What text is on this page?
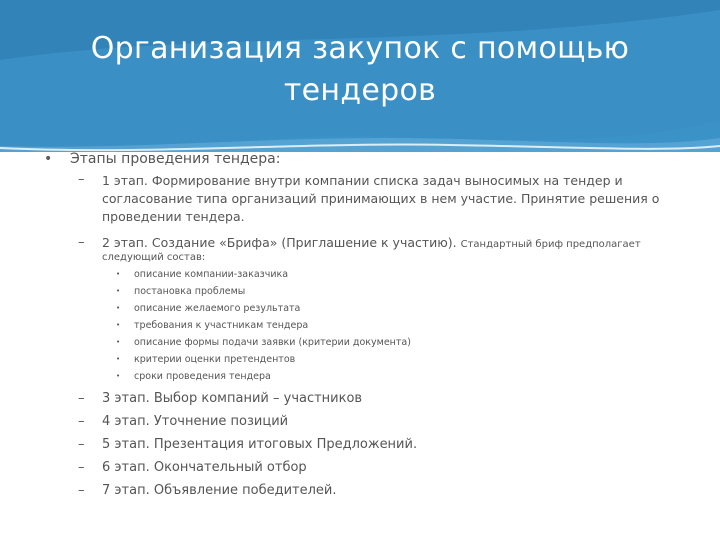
Организация закупок с помощью тендеров
• Этапы проведения тендера:
– 1 этап. Формирование внутри компании списка задач выносимых на тендер и согласование типа организаций принимающих в нем участие. Принятие решения о проведении тендера.
– 2 этап. Создание «Брифа» (Приглашение к участию). Стандартный бриф предполагает
следующий состав:
• описание компании-заказчика
• постановка проблемы
• описание желаемого результата
• требования к участникам тендера
• описание формы подачи заявки (критерии документа)
• критерии оценки претендентов
• сроки проведения тендера
– 3 этап. Выбор компаний – участников
– 4 этап. Уточнение позиций
– 5 этап. Презентация итоговых Предложений.
– 6 этап. Окончательный отбор
– 7 этап. Объявление победителей.
